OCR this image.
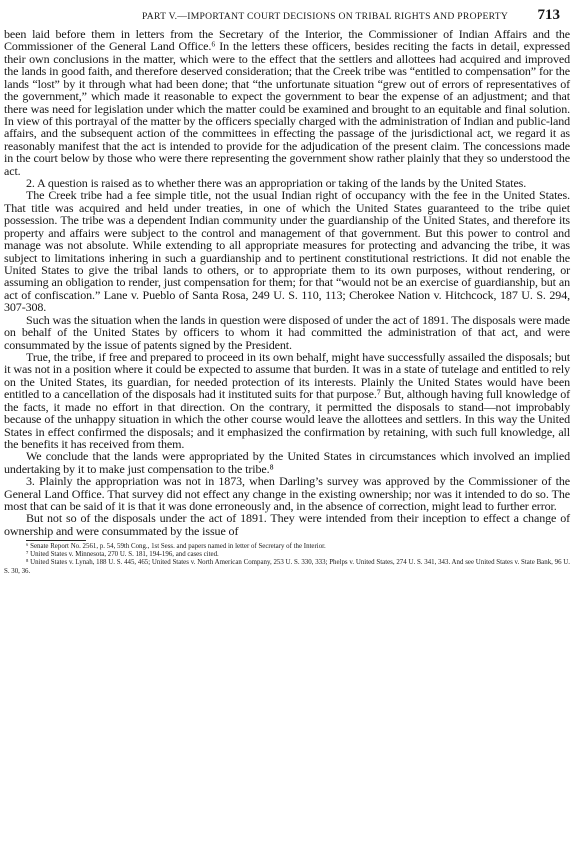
PART V.—IMPORTANT COURT DECISIONS ON TRIBAL RIGHTS AND PROPERTY 713

been laid before them in letters from the Secretary of the Interior, the Commissioner of Indian Affairs and the Commissioner of the General Land Office.⁶ In the letters these officers, besides reciting the facts in detail, expressed their own conclusions in the matter, which were to the effect that the settlers and allottees had acquired and improved the lands in good faith, and therefore deserved consideration; that the Creek tribe was “entitled to compensation” for the lands “lost” by it through what had been done; that “the unfortunate situation “grew out of errors of representatives of the government,” which made it reasonable to expect the government to bear the expense of an adjustment; and that there was need for legislation under which the matter could be examined and brought to an equitable and final solution. In view of this portrayal of the matter by the officers specially charged with the administration of Indian and public-land affairs, and the subsequent action of the committees in effecting the passage of the jurisdictional act, we regard it as reasonably manifest that the act is intended to provide for the adjudication of the present claim. The concessions made in the court below by those who were there representing the government show rather plainly that they so understood the act.

2. A question is raised as to whether there was an appropriation or taking of the lands by the United States.

The Creek tribe had a fee simple title, not the usual Indian right of occupancy with the fee in the United States. That title was acquired and held under treaties, in one of which the United States guaranteed to the tribe quiet possession. The tribe was a dependent Indian community under the guardianship of the United States, and therefore its property and affairs were subject to the control and management of that government. But this power to control and manage was not absolute. While extending to all appropriate measures for protecting and advancing the tribe, it was subject to limitations inhering in such a guardianship and to pertinent constitutional restrictions. It did not enable the United States to give the tribal lands to others, or to appropriate them to its own purposes, without rendering, or assuming an obligation to render, just compensation for them; for that “would not be an exercise of guardianship, but an act of confiscation.” Lane v. Pueblo of Santa Rosa, 249 U. S. 110, 113; Cherokee Nation v. Hitchcock, 187 U. S. 294, 307-308.

Such was the situation when the lands in question were disposed of under the act of 1891. The disposals were made on behalf of the United States by officers to whom it had committed the administration of that act, and were consummated by the issue of patents signed by the President.

True, the tribe, if free and prepared to proceed in its own behalf, might have successfully assailed the disposals; but it was not in a position where it could be expected to assume that burden. It was in a state of tutelage and entitled to rely on the United States, its guardian, for needed protection of its interests. Plainly the United States would have been entitled to a cancellation of the disposals had it instituted suits for that purpose.⁷ But, although having full knowledge of the facts, it made no effort in that direction. On the contrary, it permitted the disposals to stand—not improbably because of the unhappy situation in which the other course would leave the allottees and settlers. In this way the United States in effect confirmed the disposals; and it emphasized the confirmation by retaining, with such full knowledge, all the benefits it has received from them.

We conclude that the lands were appropriated by the United States in circumstances which involved an implied undertaking by it to make just compensation to the tribe.⁸

3. Plainly the appropriation was not in 1873, when Darling’s survey was approved by the Commissioner of the General Land Office. That survey did not effect any change in the existing ownership; nor was it intended to do so. The most that can be said of it is that it was done erroneously and, in the absence of correction, might lead to further error.

But not so of the disposals under the act of 1891. They were intended from their inception to effect a change of ownership and were consummated by the issue of

⁶ Senate Report No. 2561, p. 54, 59th Cong., 1st Sess. and papers named in letter of Secretary of the Interior.

⁷ United States v. Minnesota, 270 U. S. 181, 194-196, and cases cited.

⁸ United States v. Lynah, 188 U. S. 445, 465; United States v. North American Company, 253 U. S. 330, 333; Phelps v. United States, 274 U. S. 341, 343. And see United States v. State Bank, 96 U. S. 30, 36.
